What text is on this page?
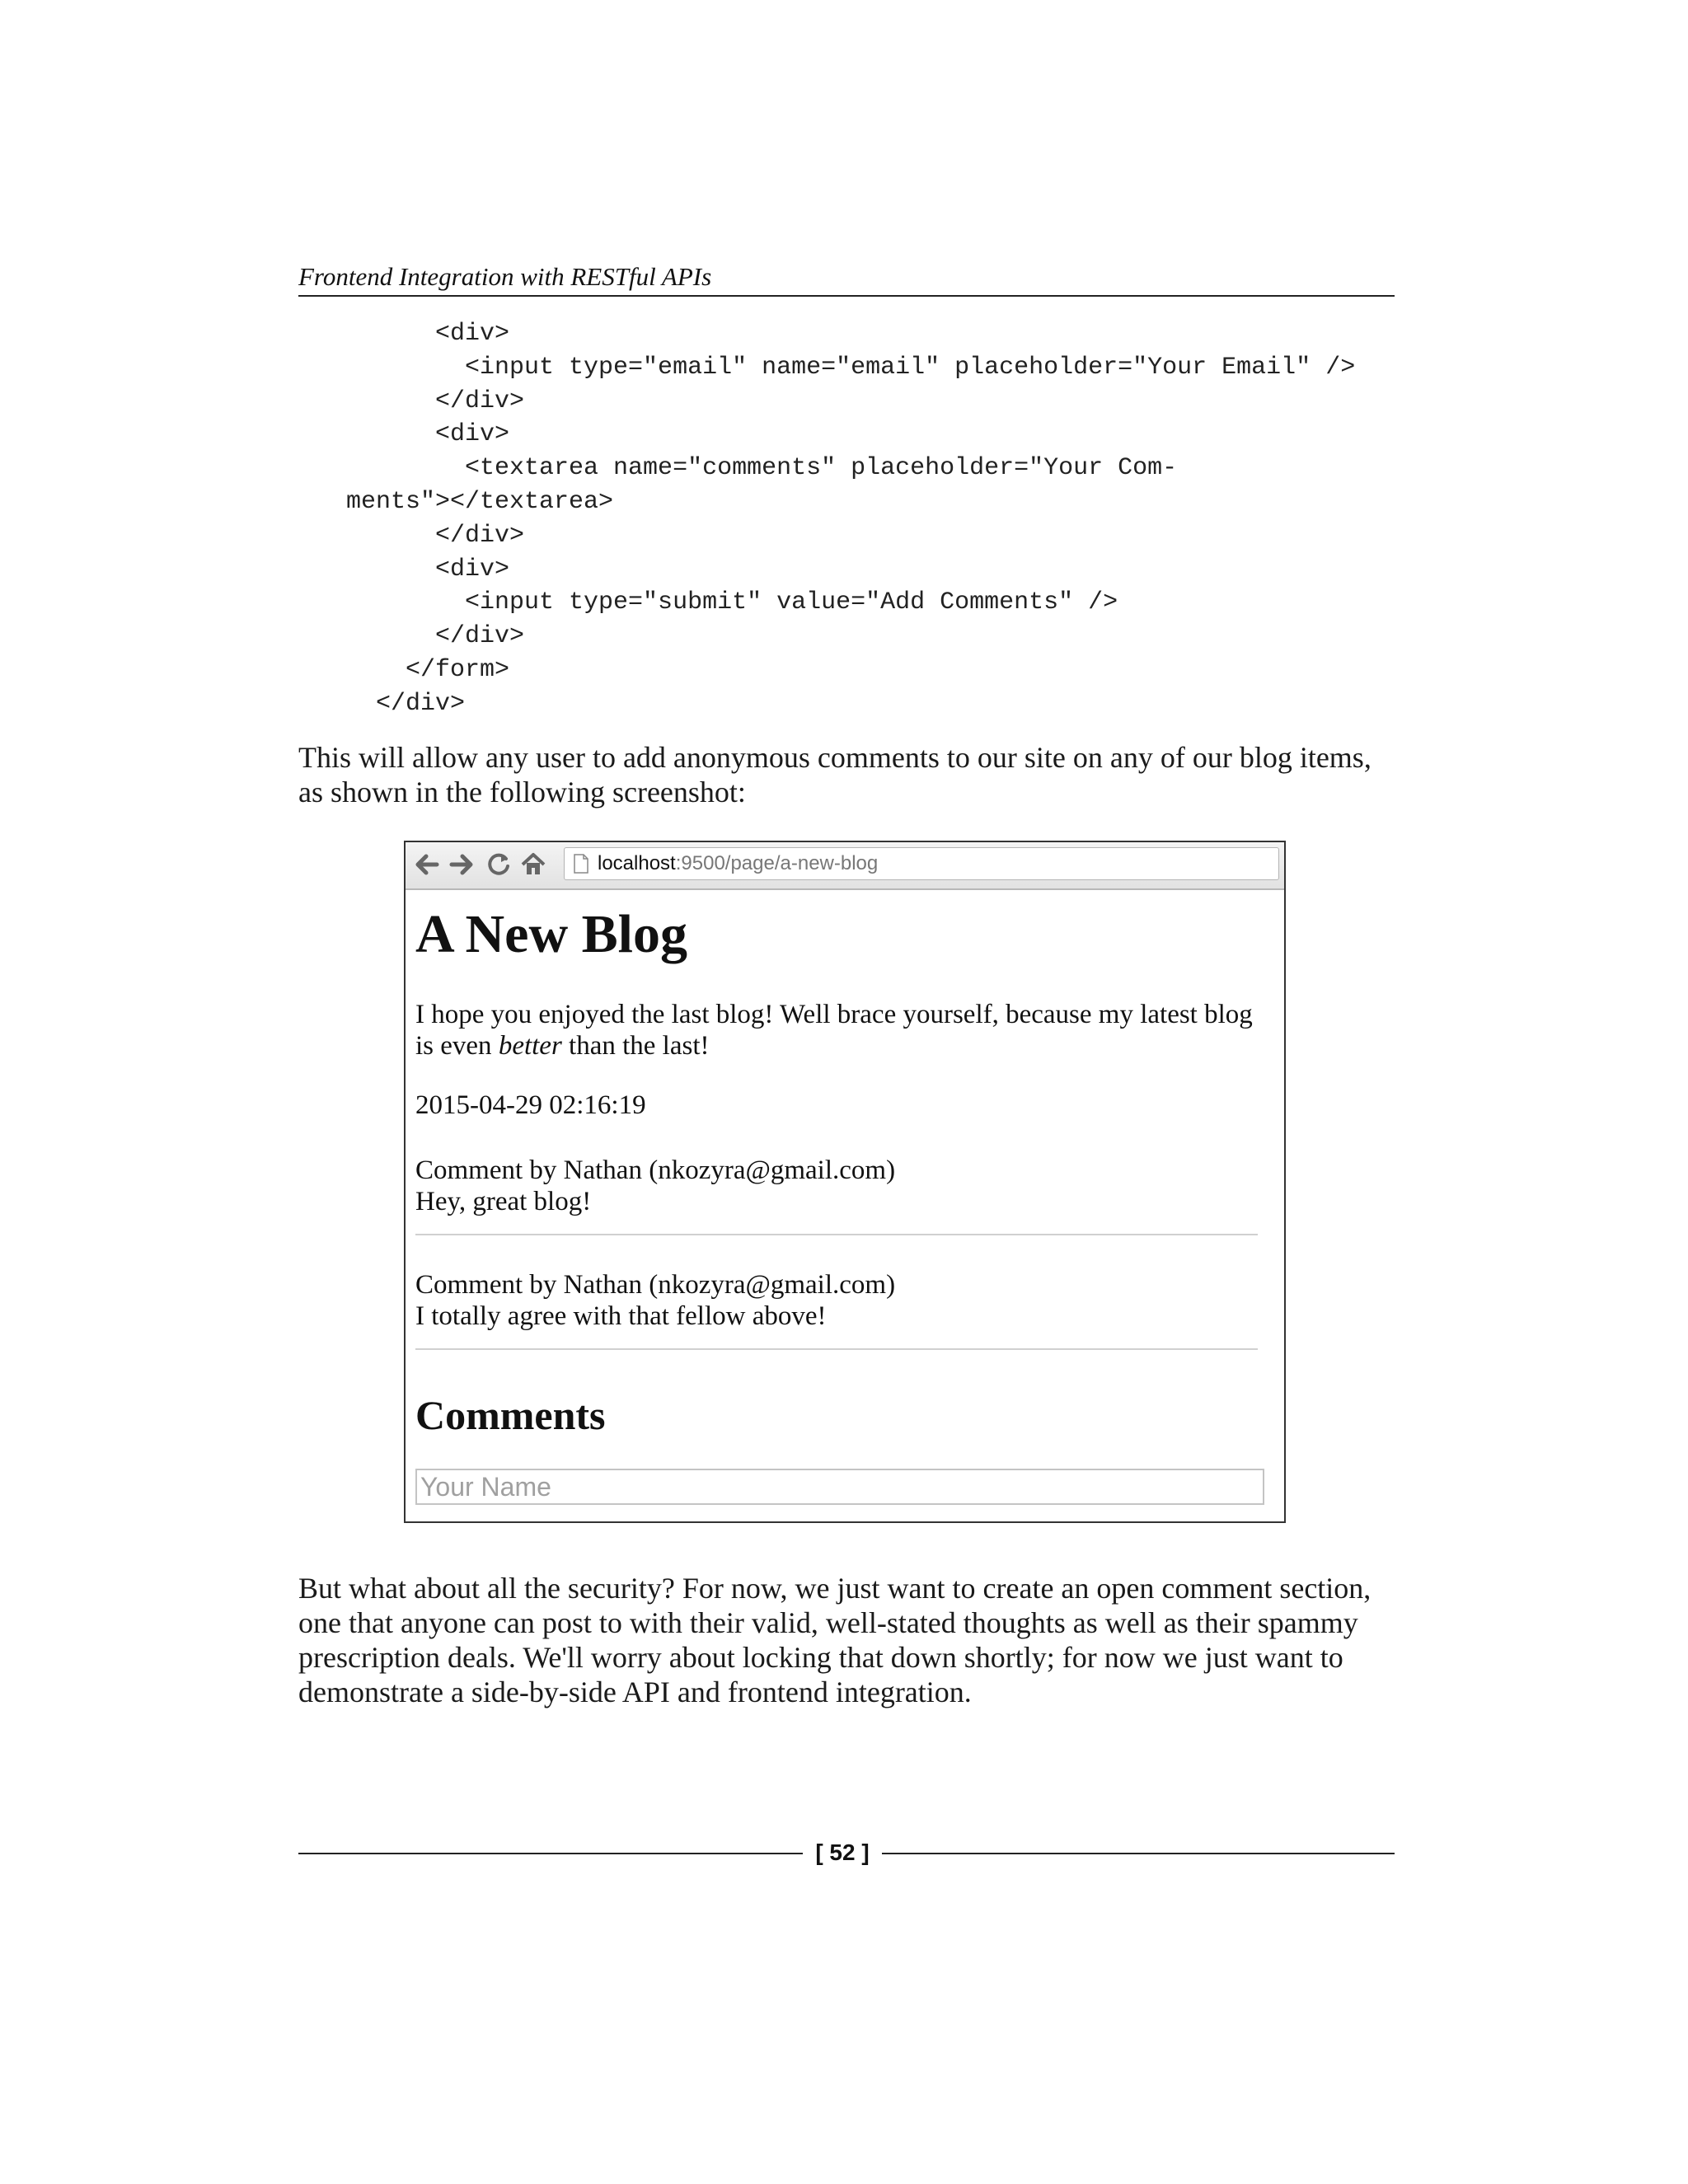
Frontend Integration with RESTful APIs
<div>
<input type="email" name="email" placeholder="Your Email" />
</div>
<div>
<textarea name="comments" placeholder="Your Com-
ments"></textarea>
</div>
<div>
<input type="submit" value="Add Comments" />
</div>
</form>
</div>

This will allow any user to add anonymous comments to our site on any of our blog items, as shown in the following screenshot:

localhost:9500/page/a-new-blog
A New Blog

I hope you enjoyed the last blog! Well brace yourself, because my latest blog is even better than the last!

2015-04-29 02:16:19

Comment by Nathan (nkozyra@gmail.com)
Hey, great blog!
Comment by Nathan (nkozyra@gmail.com)
I totally agree with that fellow above!
Comments
Your Name

But what about all the security? For now, we just want to create an open comment section, one that anyone can post to with their valid, well-stated thoughts as well as their spammy prescription deals. We'll worry about locking that down shortly; for now we just want to demonstrate a side-by-side API and frontend integration.

[ 52 ]
